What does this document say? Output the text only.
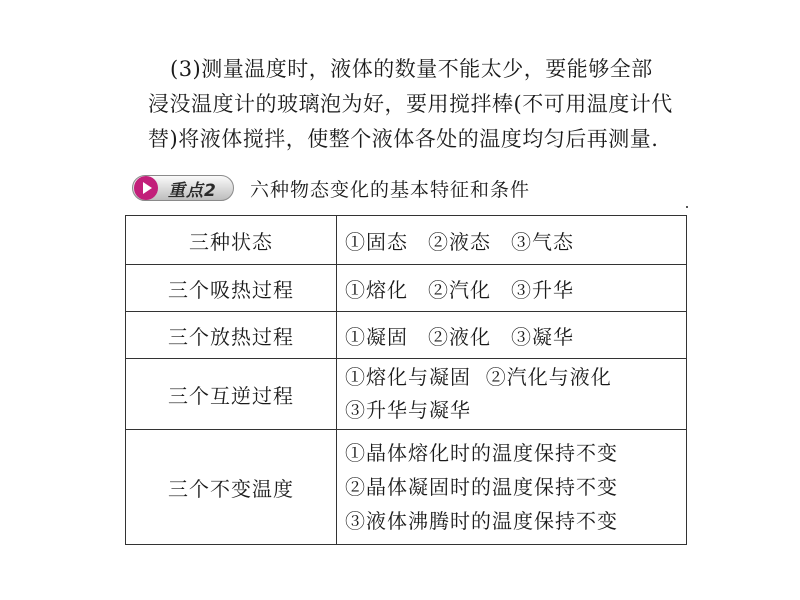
(3)测量温度时，液体的数量不能太少，要能够全部
浸没温度计的玻璃泡为好，要用搅拌棒(不可用温度计代
替)将液体搅拌，使整个液体各处的温度均匀后再测量.
重点2 六种物态变化的基本特征和条件
三种状态	①固态 ②液态 ③气态
三个吸热过程	①熔化 ②汽化 ③升华
三个放热过程	①凝固 ②液化 ③凝华
三个互逆过程	①熔化与凝固  ②汽化与液化
③升华与凝华

三个不变温度	①晶体熔化时的温度保持不变
②晶体凝固时的温度保持不变
③液体沸腾时的温度保持不变
